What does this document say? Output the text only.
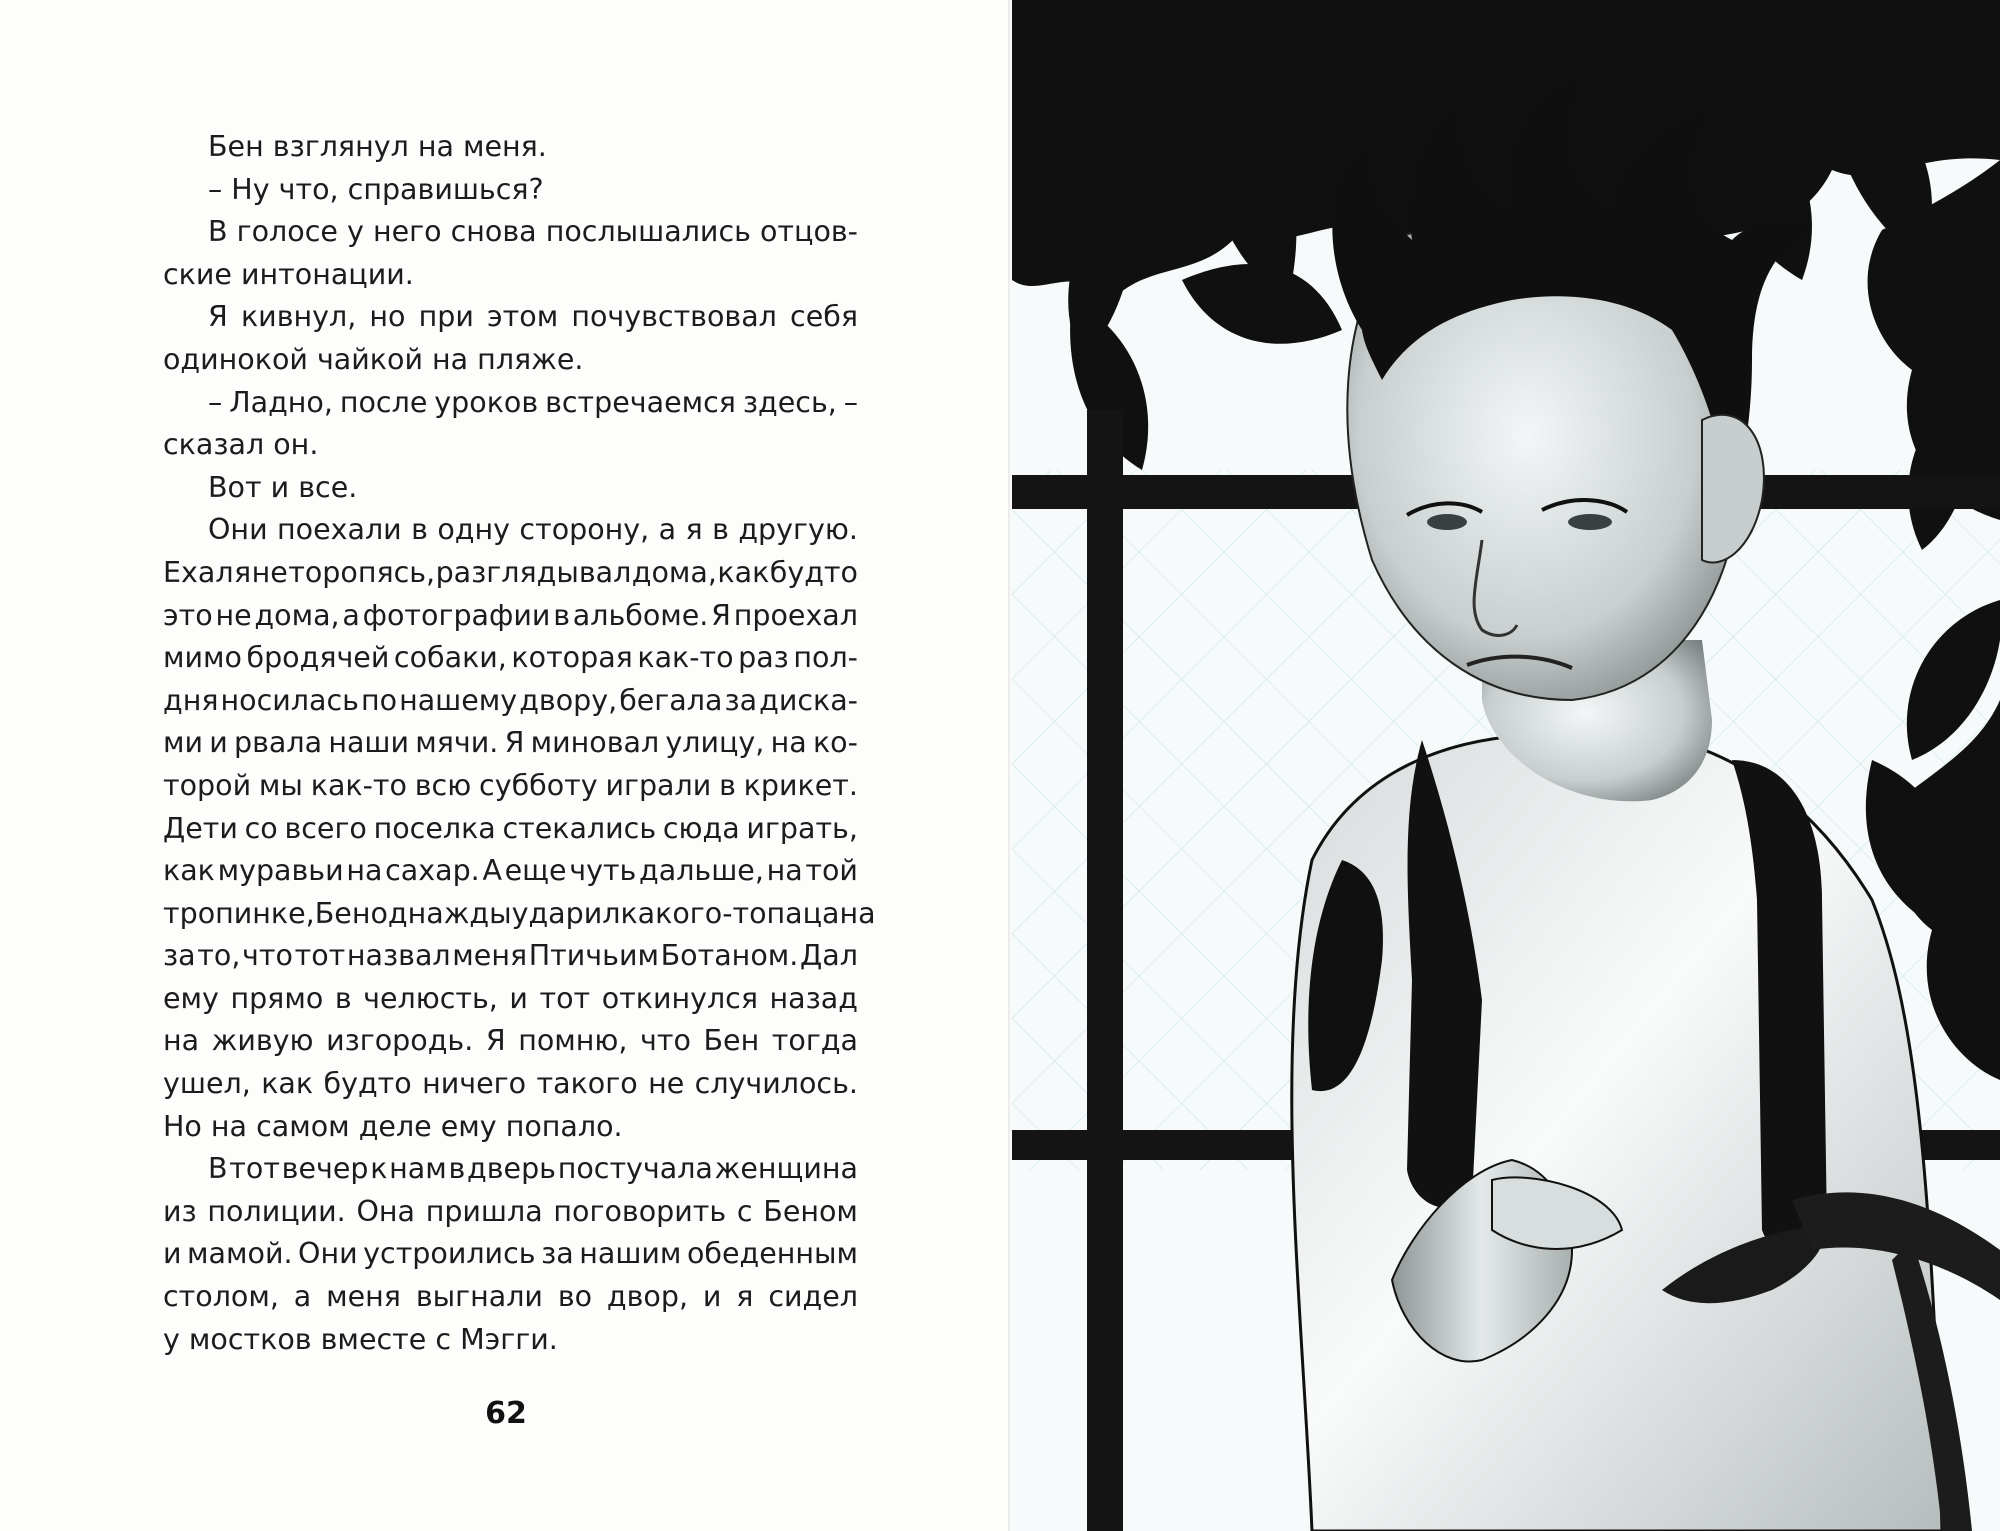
Бен взглянул на меня.
– Ну что, справишься?
В голосе у него снова послышались отцов-
ские интонации.
Я кивнул, но при этом почувствовал себя
одинокой чайкой на пляже.
– Ладно, после уроков встречаемся здесь, –
сказал он.
Вот и все.
Они поехали в одну сторону, а я в другую.
Ехал я не торопясь, разглядывал дома, как будто
это не дома, а фотографии в альбоме. Я проехал
мимо бродячей собаки, которая как-то раз пол-
дня носилась по нашему двору, бегала за диска-
ми и рвала наши мячи. Я миновал улицу, на ко-
торой мы как-то всю субботу играли в крикет.
Дети со всего поселка стекались сюда играть,
как муравьи на сахар. А еще чуть дальше, на той
тропинке, Бен однажды ударил какого-то пацана
за то, что тот назвал меня Птичьим Ботаном. Дал
ему прямо в челюсть, и тот откинулся назад
на живую изгородь. Я помню, что Бен тогда
ушел, как будто ничего такого не случилось.
Но на самом деле ему попало.
В тот вечер к нам в дверь постучала женщина
из полиции. Она пришла поговорить с Беном
и мамой. Они устроились за нашим обеденным
столом, а меня выгнали во двор, и я сидел
у мостков вместе с Мэгги.
62
